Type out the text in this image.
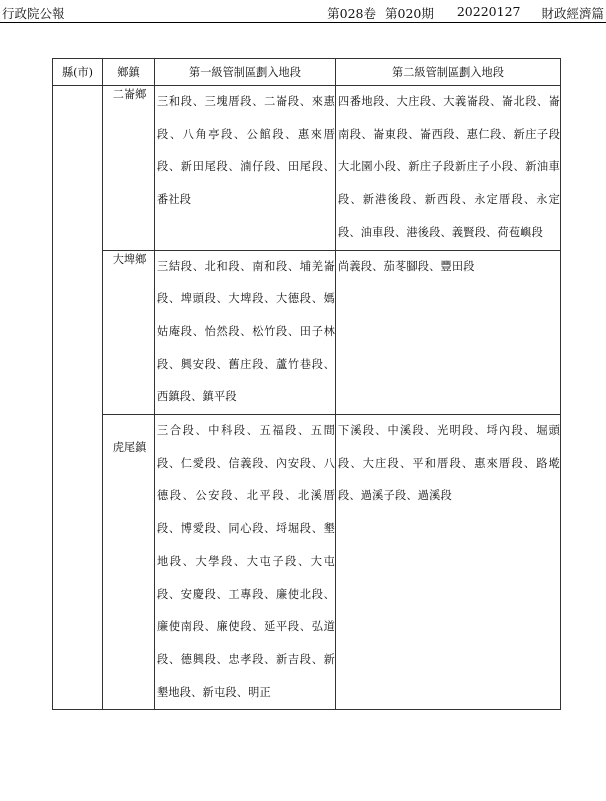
行政院公報	第028卷 第020期 20220127 財政經濟篇
縣(市)	鄉鎮	第一級管制區劃入地段	第二級管制區劃入地段
	二崙鄉	三和段、三塊厝段、二崙段、來惠段、八角亭段、公館段、惠來厝段、新田尾段、湳仔段、田尾段、番社段	四番地段、大庄段、大義崙段、崙北段、崙南段、崙東段、崙西段、惠仁段、新庄子段大北園小段、新庄子段新庄子小段、新油車段、新港後段、新西段、永定厝段、永定段、油車段、港後段、義賢段、荷苞嶼段

	大埤鄉	三結段、北和段、南和段、埔羌崙段、埤頭段、大埤段、大德段、媽姑庵段、怡然段、松竹段、田子林段、興安段、舊庄段、蘆竹巷段、西鎮段、鎮平段	尚義段、茄苳腳段、豐田段

	虎尾鎮	三合段、中科段、五福段、五間段、仁愛段、信義段、內安段、八德段、公安段、北平段、北溪厝段、博愛段、同心段、埒堀段、墾地段、大學段、大屯子段、大屯段、安慶段、工專段、廉使北段、廉使南段、廉使段、延平段、弘道段、德興段、忠孝段、新吉段、新墾地段、新屯段、明正	下溪段、中溪段、光明段、埒內段、堀頭段、大庄段、平和厝段、惠來厝段、路墘段、過溪子段、過溪段
